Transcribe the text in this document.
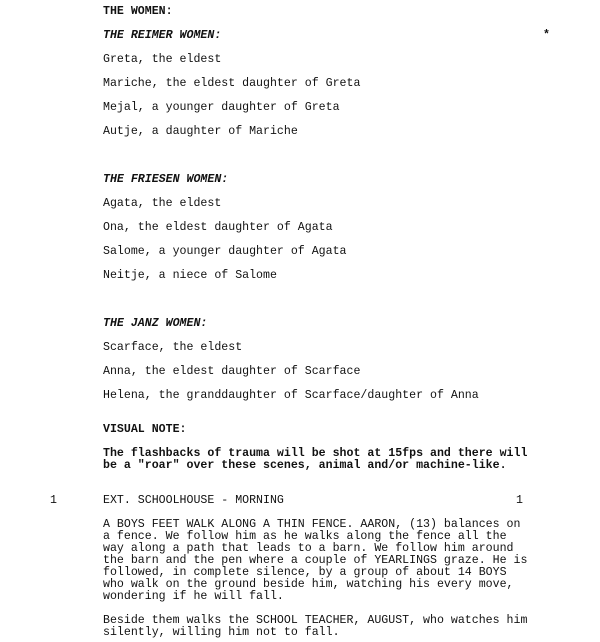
THE WOMEN:
*
THE REIMER WOMEN:
Greta, the eldest
Mariche, the eldest daughter of Greta
Mejal, a younger daughter of Greta
Autje, a daughter of Mariche
THE FRIESEN WOMEN:
Agata, the eldest
Ona, the eldest daughter of Agata
Salome, a younger daughter of Agata
Neitje, a niece of Salome
THE JANZ WOMEN:
Scarface, the eldest
Anna, the eldest daughter of Scarface
Helena, the granddaughter of Scarface/daughter of Anna
VISUAL NOTE:
The flashbacks of trauma will be shot at 15fps and there will
be a "roar" over these scenes, animal and/or machine-like.
1	EXT. SCHOOLHOUSE - MORNING	1
A BOYS FEET WALK ALONG A THIN FENCE. AARON, (13) balances on
a fence. We follow him as he walks along the fence all the
way along a path that leads to a barn. We follow him around
the barn and the pen where a couple of YEARLINGS graze. He is
followed, in complete silence, by a group of about 14 BOYS
who walk on the ground beside him, watching his every move,
wondering if he will fall.
Beside them walks the SCHOOL TEACHER, AUGUST, who watches him
silently, willing him not to fall.
